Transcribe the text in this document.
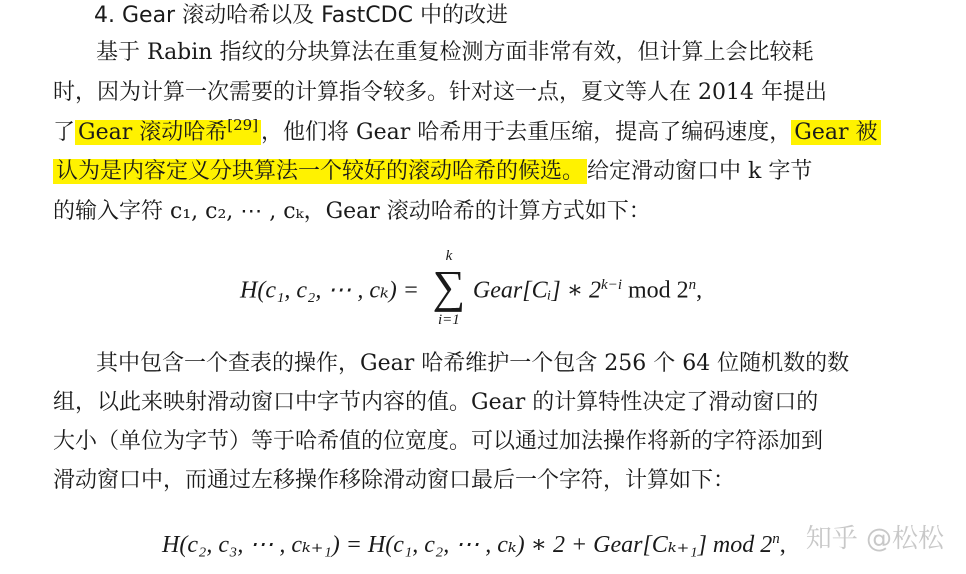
4. Gear 滚动哈希以及 FastCDC 中的改进
基于 Rabin 指纹的分块算法在重复检测方面非常有效，但计算上会比较耗
时，因为计算一次需要的计算指令较多。针对这一点，夏文等人在 2014 年提出
了 Gear 滚动哈希[29] ，他们将 Gear 哈希用于去重压缩，提高了编码速度， Gear 被
认为是内容定义分块算法一个较好的滚动哈希的候选。 给定滑动窗口中 k 字节
的输入字符 c₁, c₂, ⋯ , cₖ，Gear 滚动哈希的计算方式如下：
H(c₁, c₂, ⋯ , cₖ) =
k
∑
i=1
Gear[Cᵢ] ∗ $2^{k-i}$ mod 2$^n$,
其中包含一个查表的操作，Gear 哈希维护一个包含 256 个 64 位随机数的数
组，以此来映射滑动窗口中字节内容的值。Gear 的计算特性决定了滑动窗口的
大小（单位为字节）等于哈希值的位宽度。可以通过加法操作将新的字符添加到
滑动窗口中，而通过左移操作移除滑动窗口最后一个字符，计算如下：
H(c₂, c₃, ⋯ , cₖ₊₁) = H(c₁, c₂, ⋯ , cₖ) ∗ 2 + Gear[Cₖ₊₁] mod 2$^n$, 知乎 @松松
